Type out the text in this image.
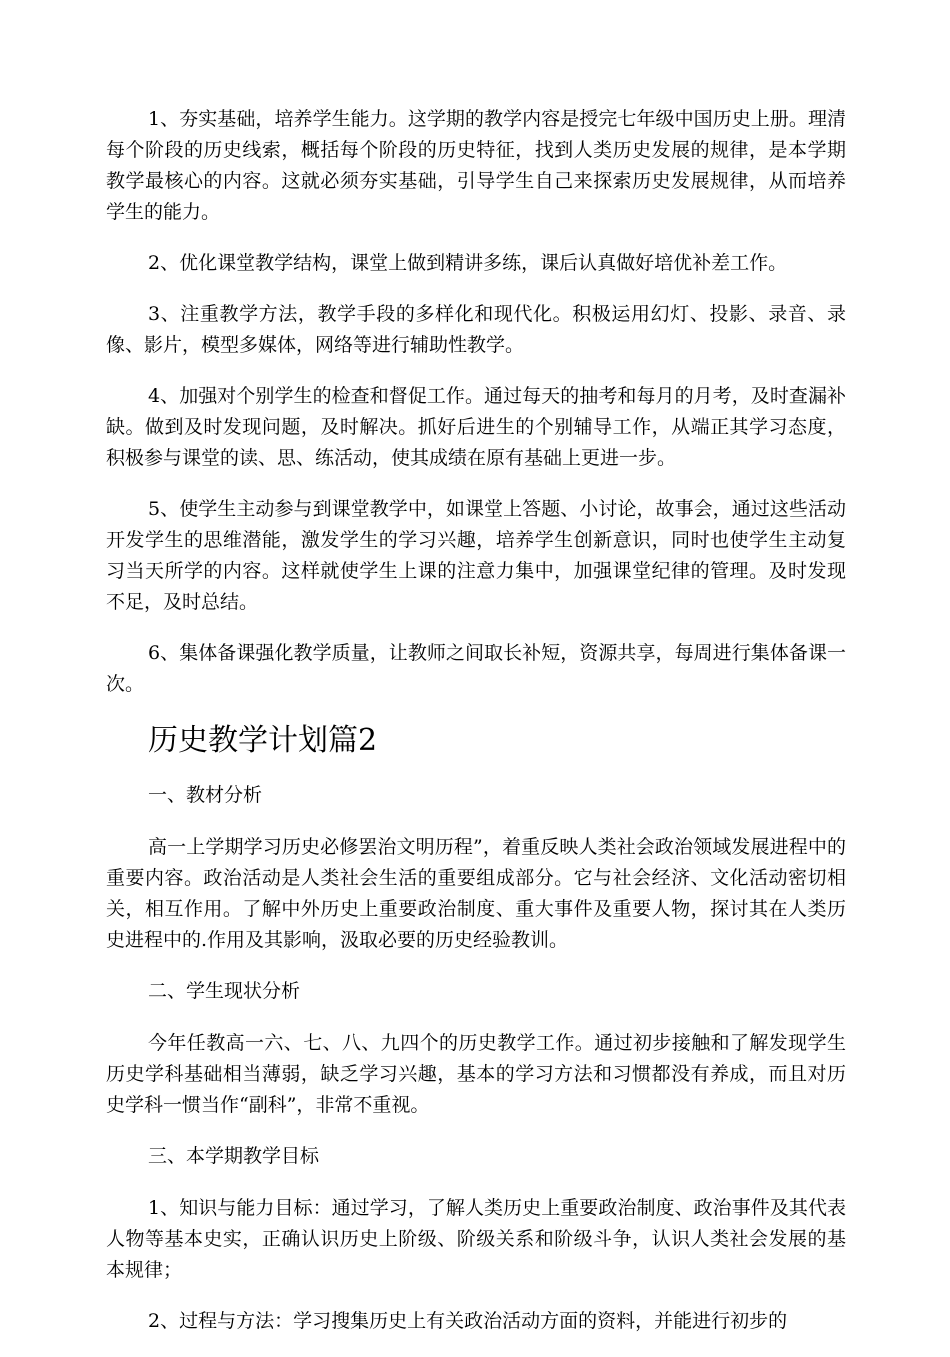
1、夯实基础，培养学生能力。这学期的教学内容是授完七年级中国历史上册。理清每个阶段的历史线索，概括每个阶段的历史特征，找到人类历史发展的规律，是本学期教学最核心的内容。这就必须夯实基础，引导学生自己来探索历史发展规律，从而培养学生的能力。

2、优化课堂教学结构，课堂上做到精讲多练，课后认真做好培优补差工作。

3、注重教学方法，教学手段的多样化和现代化。积极运用幻灯、投影、录音、录像、影片，模型多媒体，网络等进行辅助性教学。

4、加强对个别学生的检查和督促工作。通过每天的抽考和每月的月考，及时查漏补缺。做到及时发现问题，及时解决。抓好后进生的个别辅导工作，从端正其学习态度，积极参与课堂的读、思、练活动，使其成绩在原有基础上更进一步。

5、使学生主动参与到课堂教学中，如课堂上答题、小讨论，故事会，通过这些活动开发学生的思维潜能，激发学生的学习兴趣，培养学生创新意识，同时也使学生主动复习当天所学的内容。这样就使学生上课的注意力集中，加强课堂纪律的管理。及时发现不足，及时总结。

6、集体备课强化教学质量，让教师之间取长补短，资源共享，每周进行集体备课一次。

历史教学计划篇2

一、教材分析

高一上学期学习历史必修罢治文明历程”，着重反映人类社会政治领域发展进程中的重要内容。政治活动是人类社会生活的重要组成部分。它与社会经济、文化活动密切相关，相互作用。了解中外历史上重要政治制度、重大事件及重要人物，探讨其在人类历史进程中的.作用及其影响，汲取必要的历史经验教训。

二、学生现状分析

今年任教高一六、七、八、九四个的历史教学工作。通过初步接触和了解发现学生历史学科基础相当薄弱，缺乏学习兴趣，基本的学习方法和习惯都没有养成，而且对历史学科一惯当作“副科”，非常不重视。

三、本学期教学目标

1、知识与能力目标：通过学习，了解人类历史上重要政治制度、政治事件及其代表人物等基本史实，正确认识历史上阶级、阶级关系和阶级斗争，认识人类社会发展的基本规律；

2、过程与方法：学习搜集历史上有关政治活动方面的资料，并能进行初步的
